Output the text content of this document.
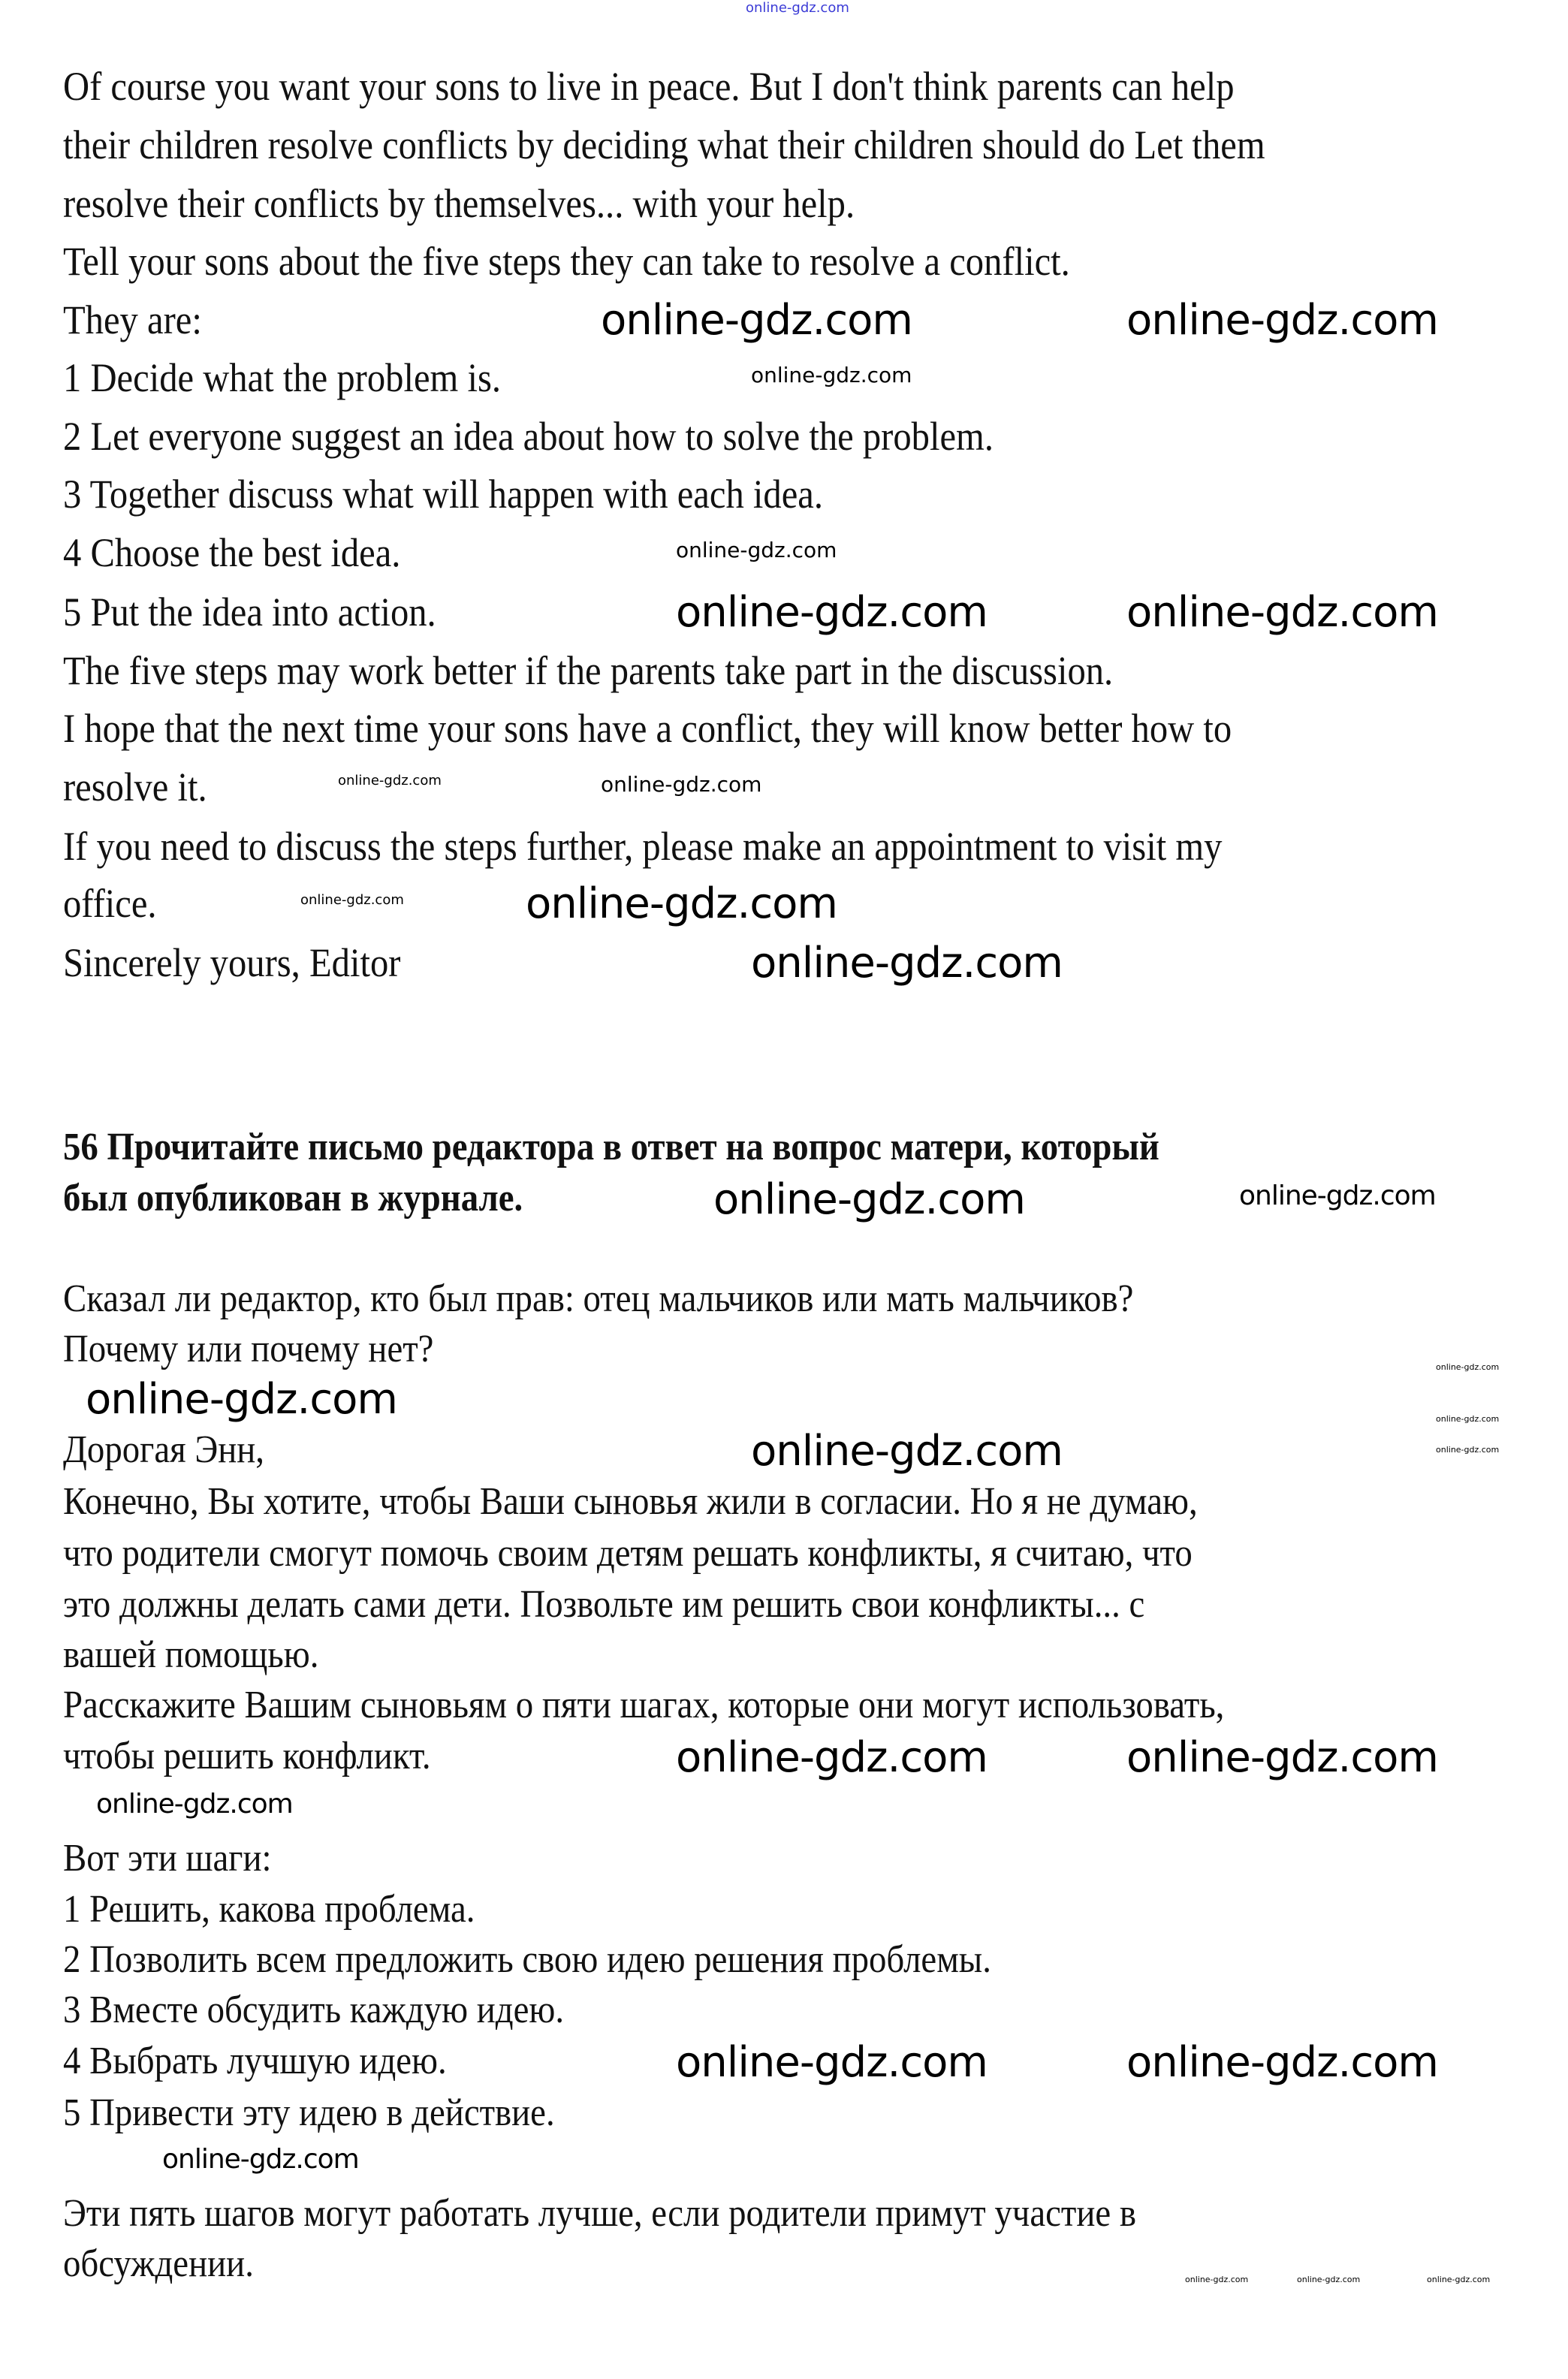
online-gdz.com
Of course you want your sons to live in peace. But I don't think parents can help
their children resolve conflicts by deciding what their children should do Let them
resolve their conflicts by themselves... with your help.
Tell your sons about the five steps they can take to resolve a conflict.
They are:
1 Decide what the problem is.
2 Let everyone suggest an idea about how to solve the problem.
3 Together discuss what will happen with each idea.
4 Choose the best idea.
5 Put the idea into action.
The five steps may work better if the parents take part in the discussion.
I hope that the next time your sons have a conflict, they will know better how to
resolve it.
If you need to discuss the steps further, please make an appointment to visit my
office.
Sincerely yours, Editor
56 Прочитайте письмо редактора в ответ на вопрос матери, который
был опубликован в журнале.
Сказал ли редактор, кто был прав: отец мальчиков или мать мальчиков?
Почему или почему нет?
Дорогая Энн,
Конечно, Вы хотите, чтобы Ваши сыновья жили в согласии. Но я не думаю,
что родители смогут помочь своим детям решать конфликты, я считаю, что
это должны делать сами дети. Позвольте им решить свои конфликты... с
вашей помощью.
Расскажите Вашим сыновьям о пяти шагах, которые они могут использовать,
чтобы решить конфликт.
Вот эти шаги:
1 Решить, какова проблема.
2 Позволить всем предложить свою идею решения проблемы.
3 Вместе обсудить каждую идею.
4 Выбрать лучшую идею.
5 Привести эту идею в действие.
Эти пять шагов могут работать лучше, если родители примут участие в
обсуждении.
online-gdz.com	online-gdz.com
online-gdz.com	online-gdz.com
online-gdz.com
online-gdz.com
online-gdz.com
online-gdz.com
online-gdz.com
online-gdz.com	online-gdz.com
online-gdz.com	online-gdz.com
online-gdz.com
online-gdz.com
online-gdz.com
online-gdz.com
online-gdz.com
online-gdz.com
online-gdz.com
online-gdz.com
online-gdz.com
online-gdz.com
online-gdz.com
online-gdz.com	online-gdz.com	online-gdz.com
